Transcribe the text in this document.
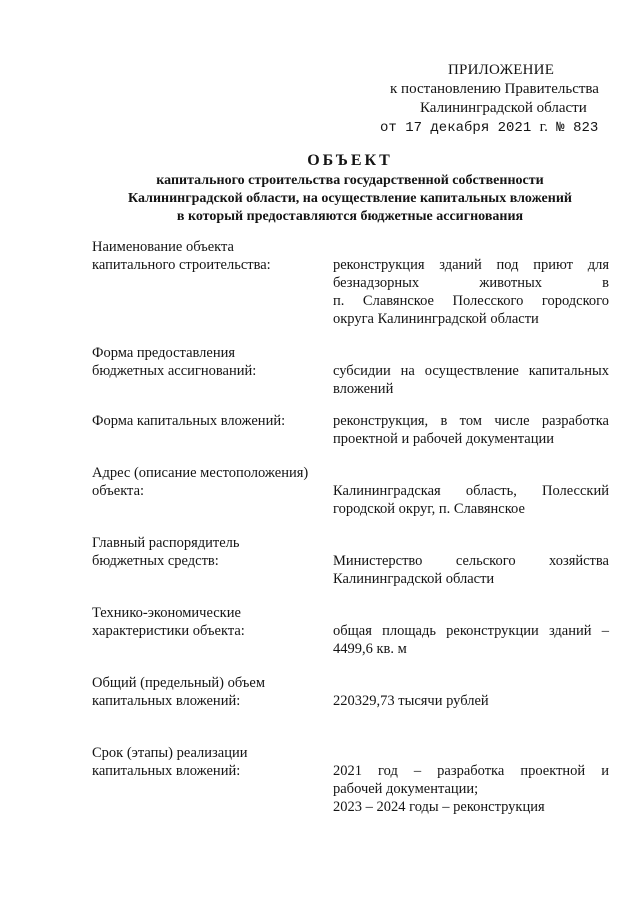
ПРИЛОЖЕНИЕ
к постановлению Правительства
Калининградской области
от 17 декабря 2021 г. № 823
ОБЪЕКТ
капитального строительства государственной собственности
Калининградской области, на осуществление капитальных вложений
в который предоставляются бюджетные ассигнования
Наименование объекта
капитального строительства:	реконструкция зданий под приют для
безнадзорных животных в
п. Славянское Полесского городского
округа Калининградской области
Форма предоставления
бюджетных ассигнований:	субсидии на осуществление капитальных
вложений
Форма капитальных вложений:	реконструкция, в том числе разработка
проектной и рабочей документации
Адрес (описание местоположения)
объекта:	Калининградская область, Полесский
городской округ, п. Славянское
Главный распорядитель
бюджетных средств:	Министерство сельского хозяйства
Калининградской области
Технико-экономические
характеристики объекта:	общая площадь реконструкции зданий –
4499,6 кв. м
Общий (предельный) объем
капитальных вложений:	220329,73 тысячи рублей
Срок (этапы) реализации
капитальных вложений:	2021 год – разработка проектной и
рабочей документации;
2023 – 2024 годы – реконструкция
